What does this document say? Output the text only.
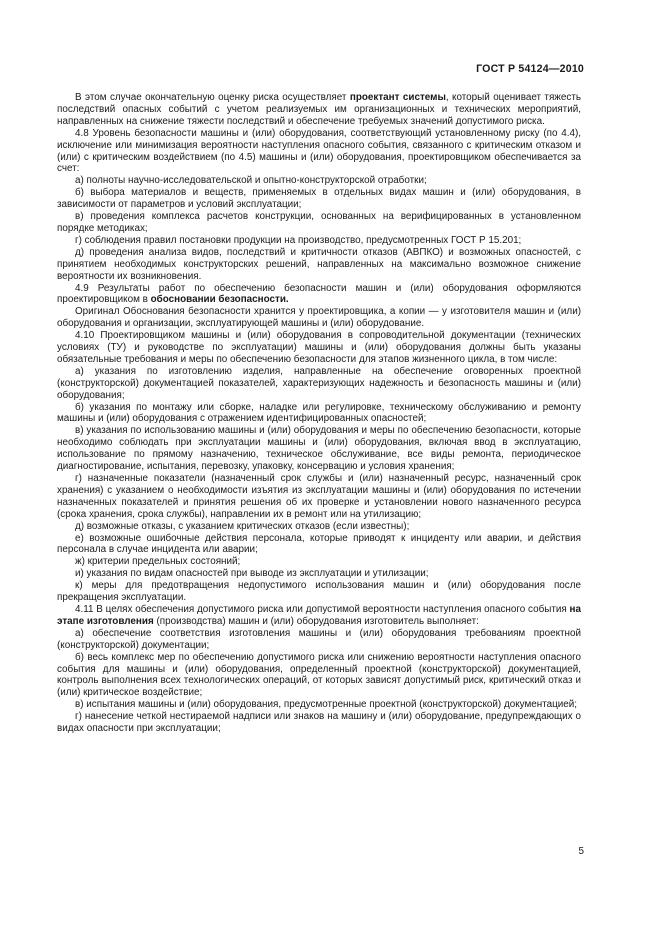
ГОСТ Р 54124—2010

В этом случае окончательную оценку риска осуществляет проектант системы, который оценивает тяжесть последствий опасных событий с учетом реализуемых им организационных и технических мероприятий, направленных на снижение тяжести последствий и обеспечение требуемых значений допустимого риска.

4.8 Уровень безопасности машины и (или) оборудования, соответствующий установленному риску (по 4.4), исключение или минимизация вероятности наступления опасного события, связанного с критическим отказом и (или) с критическим воздействием (по 4.5) машины и (или) оборудования, проектировщиком обеспечивается за счет:

а) полноты научно-исследовательской и опытно-конструкторской отработки;

б) выбора материалов и веществ, применяемых в отдельных видах машин и (или) оборудования, в зависимости от параметров и условий эксплуатации;

в) проведения комплекса расчетов конструкции, основанных на верифицированных в установленном порядке методиках;

г) соблюдения правил постановки продукции на производство, предусмотренных ГОСТ Р 15.201;

д) проведения анализа видов, последствий и критичности отказов (АВПКО) и возможных опасностей, с принятием необходимых конструкторских решений, направленных на максимально возможное снижение вероятности их возникновения.

4.9 Результаты работ по обеспечению безопасности машин и (или) оборудования оформляются проектировщиком в обосновании безопасности.

Оригинал Обоснования безопасности хранится у проектировщика, а копии — у изготовителя машин и (или) оборудования и организации, эксплуатирующей машины и (или) оборудование.

4.10 Проектировщиком машины и (или) оборудования в сопроводительной документации (технических условиях (ТУ) и руководстве по эксплуатации) машины и (или) оборудования должны быть указаны обязательные требования и меры по обеспечению безопасности для этапов жизненного цикла, в том числе:

а) указания по изготовлению изделия, направленные на обеспечение оговоренных проектной (конструкторской) документацией показателей, характеризующих надежность и безопасность машины и (или) оборудования;

б) указания по монтажу или сборке, наладке или регулировке, техническому обслуживанию и ремонту машины и (или) оборудования с отражением идентифицированных опасностей;

в) указания по использованию машины и (или) оборудования и меры по обеспечению безопасности, которые необходимо соблюдать при эксплуатации машины и (или) оборудования, включая ввод в эксплуатацию, использование по прямому назначению, техническое обслуживание, все виды ремонта, периодическое диагностирование, испытания, перевозку, упаковку, консервацию и условия хранения;

г) назначенные показатели (назначенный срок службы и (или) назначенный ресурс, назначенный срок хранения) с указанием о необходимости изъятия из эксплуатации машины и (или) оборудования по истечении назначенных показателей и принятия решения об их проверке и установлении нового назначенного ресурса (срока хранения, срока службы), направлении их в ремонт или на утилизацию;

д) возможные отказы, с указанием критических отказов (если известны);

е) возможные ошибочные действия персонала, которые приводят к инциденту или аварии, и действия персонала в случае инцидента или аварии;

ж) критерии предельных состояний;

и) указания по видам опасностей при выводе из эксплуатации и утилизации;

к) меры для предотвращения недопустимого использования машин и (или) оборудования после прекращения эксплуатации.

4.11 В целях обеспечения допустимого риска или допустимой вероятности наступления опасного события на этапе изготовления (производства) машин и (или) оборудования изготовитель выполняет:

а) обеспечение соответствия изготовления машины и (или) оборудования требованиям проектной (конструкторской) документации;

б) весь комплекс мер по обеспечению допустимого риска или снижению вероятности наступления опасного события для машины и (или) оборудования, определенный проектной (конструкторской) документацией, контроль выполнения всех технологических операций, от которых зависят допустимый риск, критический отказ и (или) критическое воздействие;

в) испытания машины и (или) оборудования, предусмотренные проектной (конструкторской) документацией;

г) нанесение четкой нестираемой надписи или знаков на машину и (или) оборудование, предупреждающих о видах опасности при эксплуатации;

5
